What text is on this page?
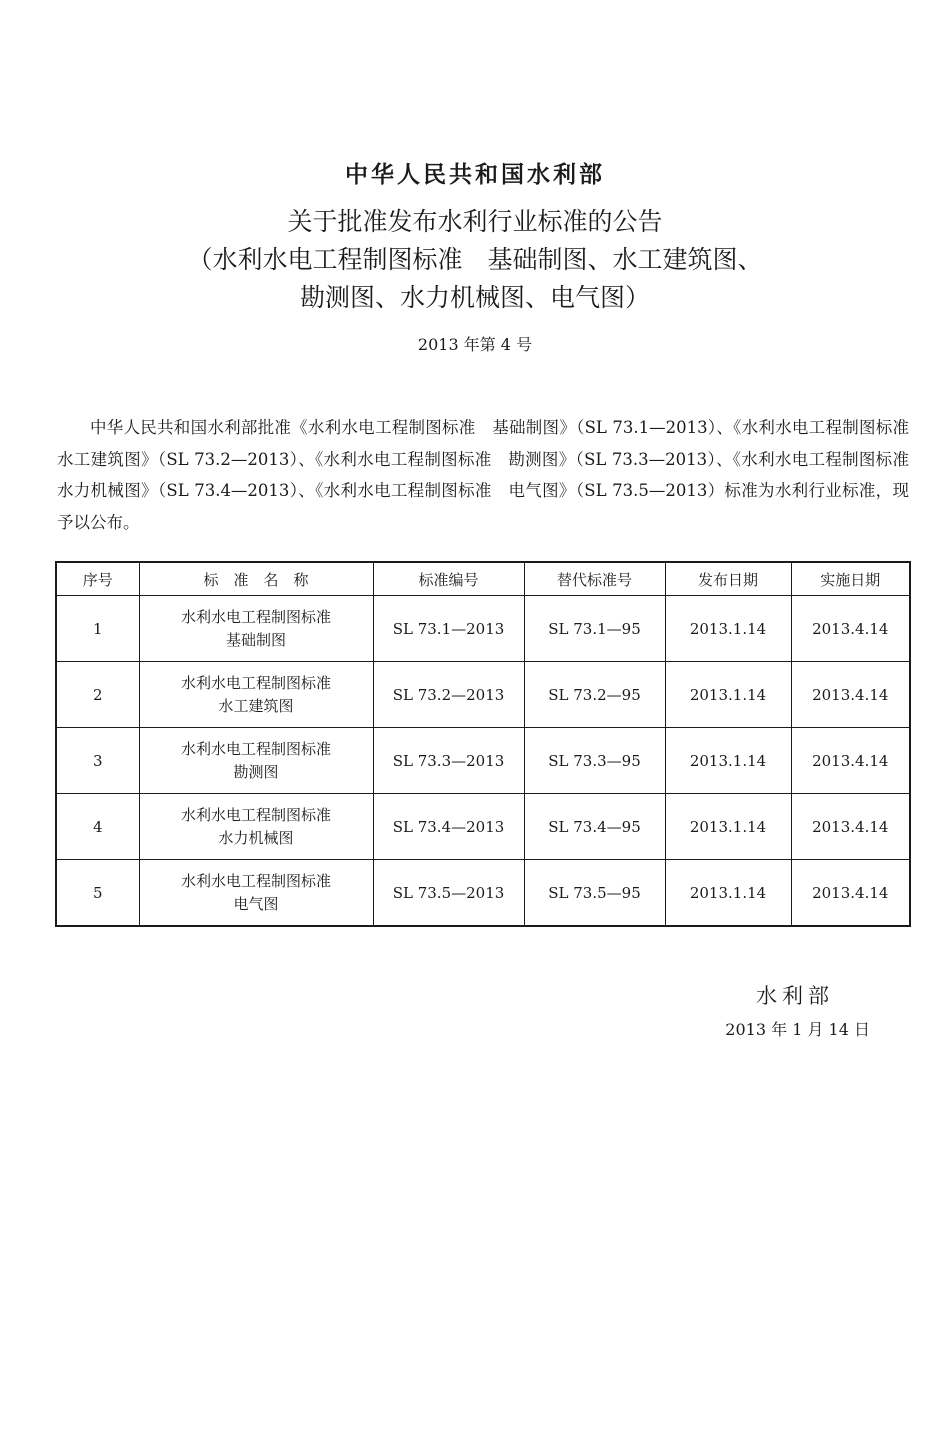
中华人民共和国水利部
关于批准发布水利行业标准的公告
（水利水电工程制图标准　基础制图、水工建筑图、
勘测图、水力机械图、电气图）
2013 年第 4 号

中华人民共和国水利部批准《水利水电工程制图标准　基础制图》（SL 73.1—2013）、《水利水电工程制图标准　水工建筑图》（SL 73.2—2013）、《水利水电工程制图标准　勘测图》（SL 73.3—2013）、《水利水电工程制图标准　水力机械图》（SL 73.4—2013）、《水利水电工程制图标准　电气图》（SL 73.5—2013）标准为水利行业标准，现予以公布。

序号	标　准　名　称	标准编号	替代标准号	发布日期	实施日期
1	水利水电工程制图标准
基础制图	SL 73.1—2013	SL 73.1—95	2013.1.14	2013.4.14
2	水利水电工程制图标准
水工建筑图	SL 73.2—2013	SL 73.2—95	2013.1.14	2013.4.14
3	水利水电工程制图标准
勘测图	SL 73.3—2013	SL 73.3—95	2013.1.14	2013.4.14
4	水利水电工程制图标准
水力机械图	SL 73.4—2013	SL 73.4—95	2013.1.14	2013.4.14
5	水利水电工程制图标准
电气图	SL 73.5—2013	SL 73.5—95	2013.1.14	2013.4.14
水利部
2013 年 1 月 14 日
